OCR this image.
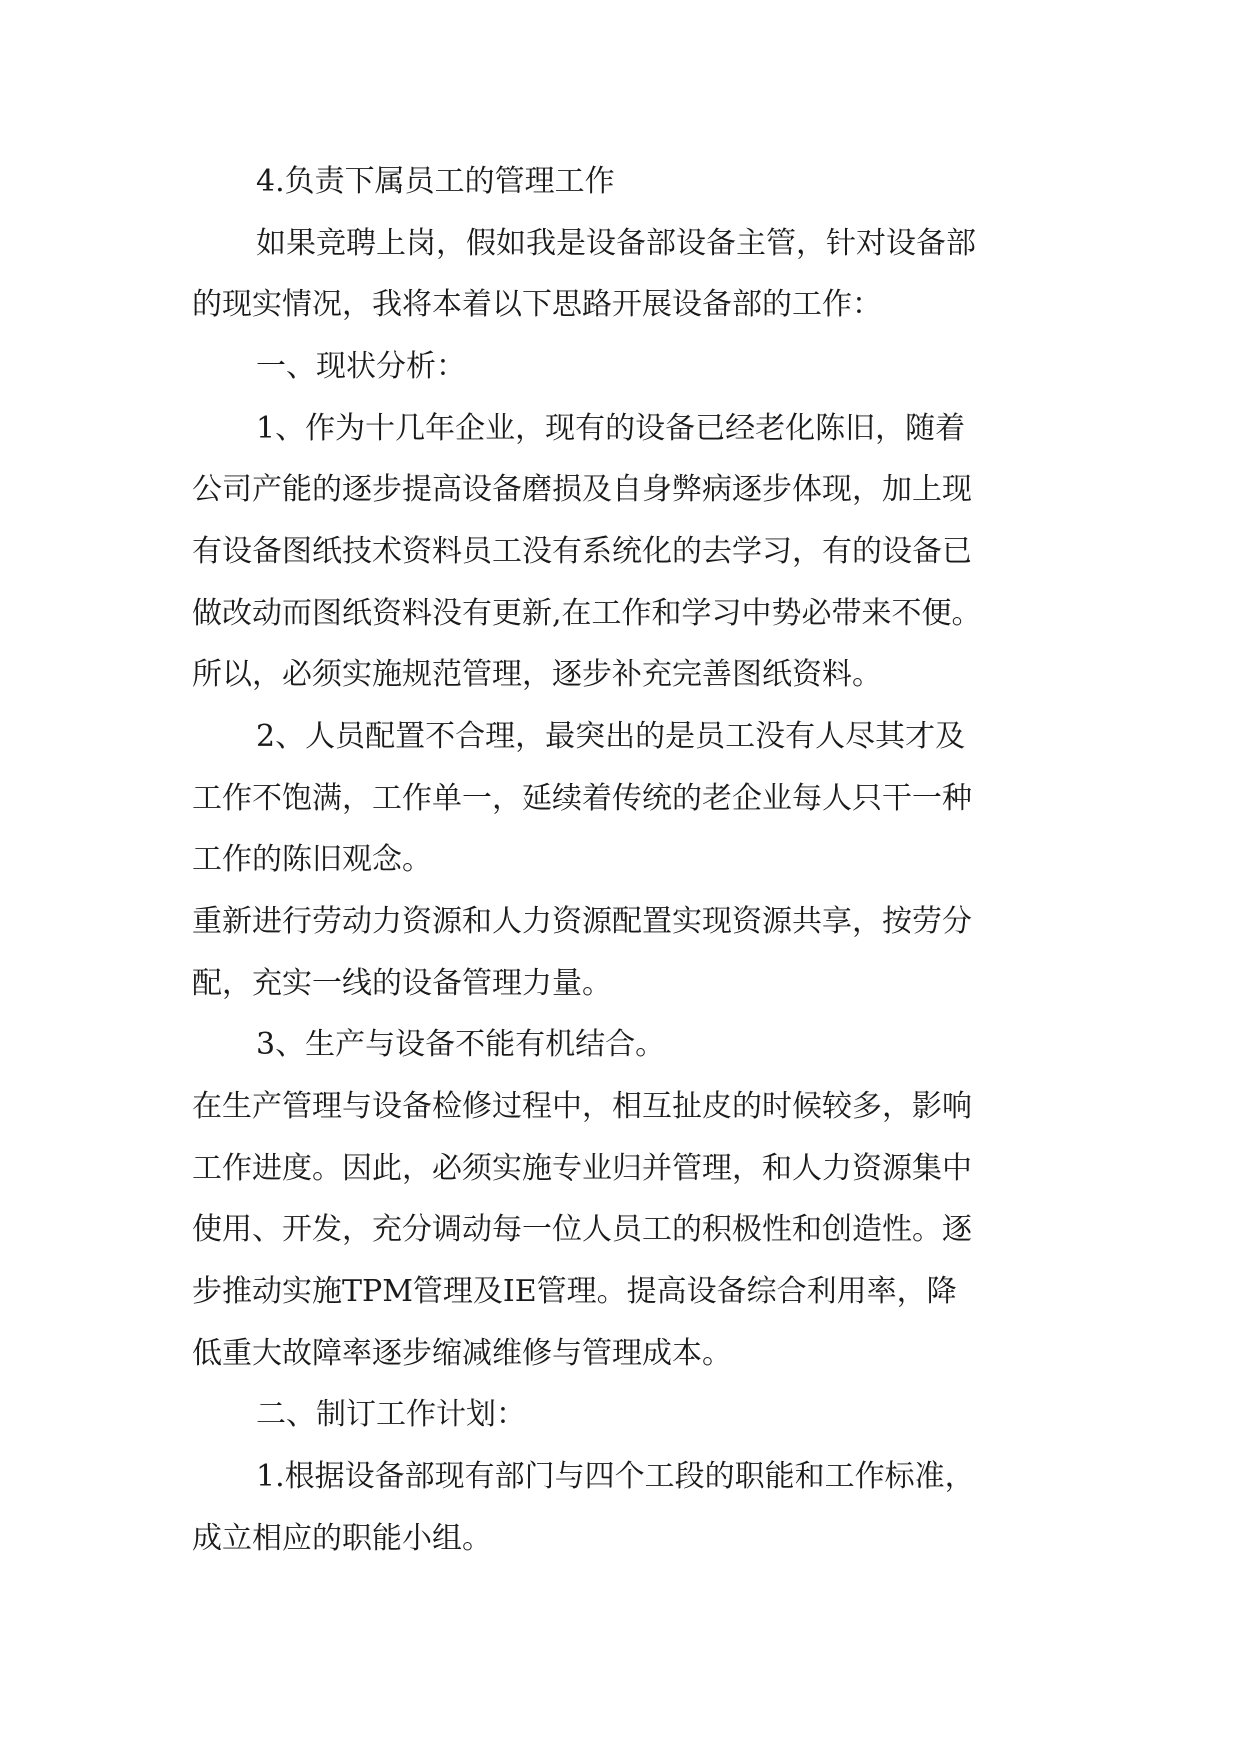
4.负责下属员工的管理工作

如果竞聘上岗，假如我是设备部设备主管，针对设备部

的现实情况，我将本着以下思路开展设备部的工作：

一、现状分析：

1、作为十几年企业，现有的设备已经老化陈旧，随着

公司产能的逐步提高设备磨损及自身弊病逐步体现，加上现

有设备图纸技术资料员工没有系统化的去学习，有的设备已

做改动而图纸资料没有更新,在工作和学习中势必带来不便。

所以，必须实施规范管理，逐步补充完善图纸资料。

2、人员配置不合理，最突出的是员工没有人尽其才及

工作不饱满，工作单一，延续着传统的老企业每人只干一种

工作的陈旧观念。

重新进行劳动力资源和人力资源配置实现资源共享，按劳分

配，充实一线的设备管理力量。

3、生产与设备不能有机结合。

在生产管理与设备检修过程中，相互扯皮的时候较多，影响

工作进度。因此，必须实施专业归并管理，和人力资源集中

使用、开发，充分调动每一位人员工的积极性和创造性。逐

步推动实施TPM管理及IE管理。提高设备综合利用率，降

低重大故障率逐步缩减维修与管理成本。

二、制订工作计划：

1.根据设备部现有部门与四个工段的职能和工作标准，

成立相应的职能小组。
